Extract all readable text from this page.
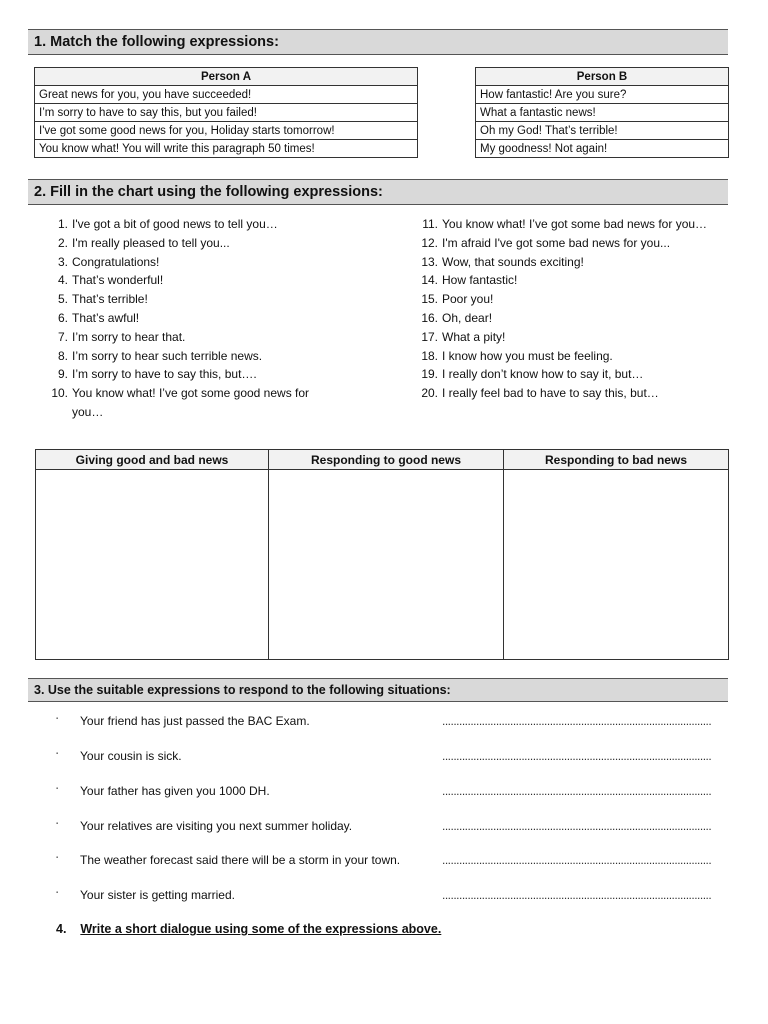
1. Match the following expressions:
Person A
Great news for you, you have succeeded!
I’m sorry to have to say this, but you failed!
I've got some good news for you, Holiday starts tomorrow!
You know what! You will write this paragraph 50 times!
Person B
How fantastic! Are you sure?
What a fantastic news!
Oh my God! That’s terrible!
My goodness! Not again!
2. Fill in the chart using the following expressions:
1. I've got a bit of good news to tell you…
2. I'm really pleased to tell you...
3. Congratulations!
4. That’s wonderful!
5. That’s terrible!
6. That’s awful!
7. I’m sorry to hear that.
8. I’m sorry to hear such terrible news.
9. I’m sorry to have to say this, but….
10. You know what! I’ve got some good news for
you…
11. You know what! I’ve got some bad news for you…
12. I'm afraid I've got some bad news for you...
13. Wow, that sounds exciting!
14. How fantastic!
15. Poor you!
16. Oh, dear!
17. What a pity!
18. I know how you must be feeling.
19. I really don’t know how to say it, but…
20. I really feel bad to have to say this, but…
Giving good and bad news	Responding to good news	Responding to bad news

3. Use the suitable expressions to respond to the following situations:
▪ Your friend has just passed the BAC Exam.	...............................................................................................
▪ Your cousin is sick.	...............................................................................................
▪ Your father has given you 1000 DH.	...............................................................................................
▪ Your relatives are visiting you next summer holiday.	...............................................................................................
▪ The weather forecast said there will be a storm in your town.	...............................................................................................
▪ Your sister is getting married.	...............................................................................................
4. Write a short dialogue using some of the expressions above.
